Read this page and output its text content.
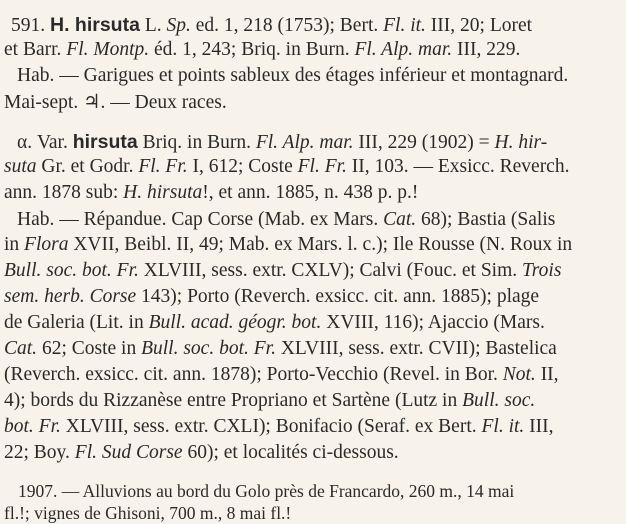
591. H. hirsuta L. Sp. ed. 1, 218 (1753); Bert. Fl. it. III, 20; Loret

et Barr. Fl. Montp. éd. 1, 243; Briq. in Burn. Fl. Alp. mar. III, 229.

Hab. — Garigues et points sableux des étages inférieur et montagnard.

Mai-sept. ♃. — Deux races.

α. Var. hirsuta Briq. in Burn. Fl. Alp. mar. III, 229 (1902) = H. hir-

suta Gr. et Godr. Fl. Fr. I, 612; Coste Fl. Fr. II, 103. — Exsicc. Reverch.

ann. 1878 sub: H. hirsuta!, et ann. 1885, n. 438 p. p.!

Hab. — Répandue. Cap Corse (Mab. ex Mars. Cat. 68); Bastia (Salis

in Flora XVII, Beibl. II, 49; Mab. ex Mars. l. c.); Ile Rousse (N. Roux in

Bull. soc. bot. Fr. XLVIII, sess. extr. CXLV); Calvi (Fouc. et Sim. Trois

sem. herb. Corse 143); Porto (Reverch. exsicc. cit. ann. 1885); plage

de Galeria (Lit. in Bull. acad. géogr. bot. XVIII, 116); Ajaccio (Mars.

Cat. 62; Coste in Bull. soc. bot. Fr. XLVIII, sess. extr. CVII); Bastelica

(Reverch. exsicc. cit. ann. 1878); Porto-Vecchio (Revel. in Bor. Not. II,

4); bords du Rizzanèse entre Propriano et Sartène (Lutz in Bull. soc.

bot. Fr. XLVIII, sess. extr. CXLI); Bonifacio (Seraf. ex Bert. Fl. it. III,

22; Boy. Fl. Sud Corse 60); et localités ci-dessous.

1907. — Alluvions au bord du Golo près de Francardo, 260 m., 14 mai

fl.!; vignes de Ghisoni, 700 m., 8 mai fl.!
